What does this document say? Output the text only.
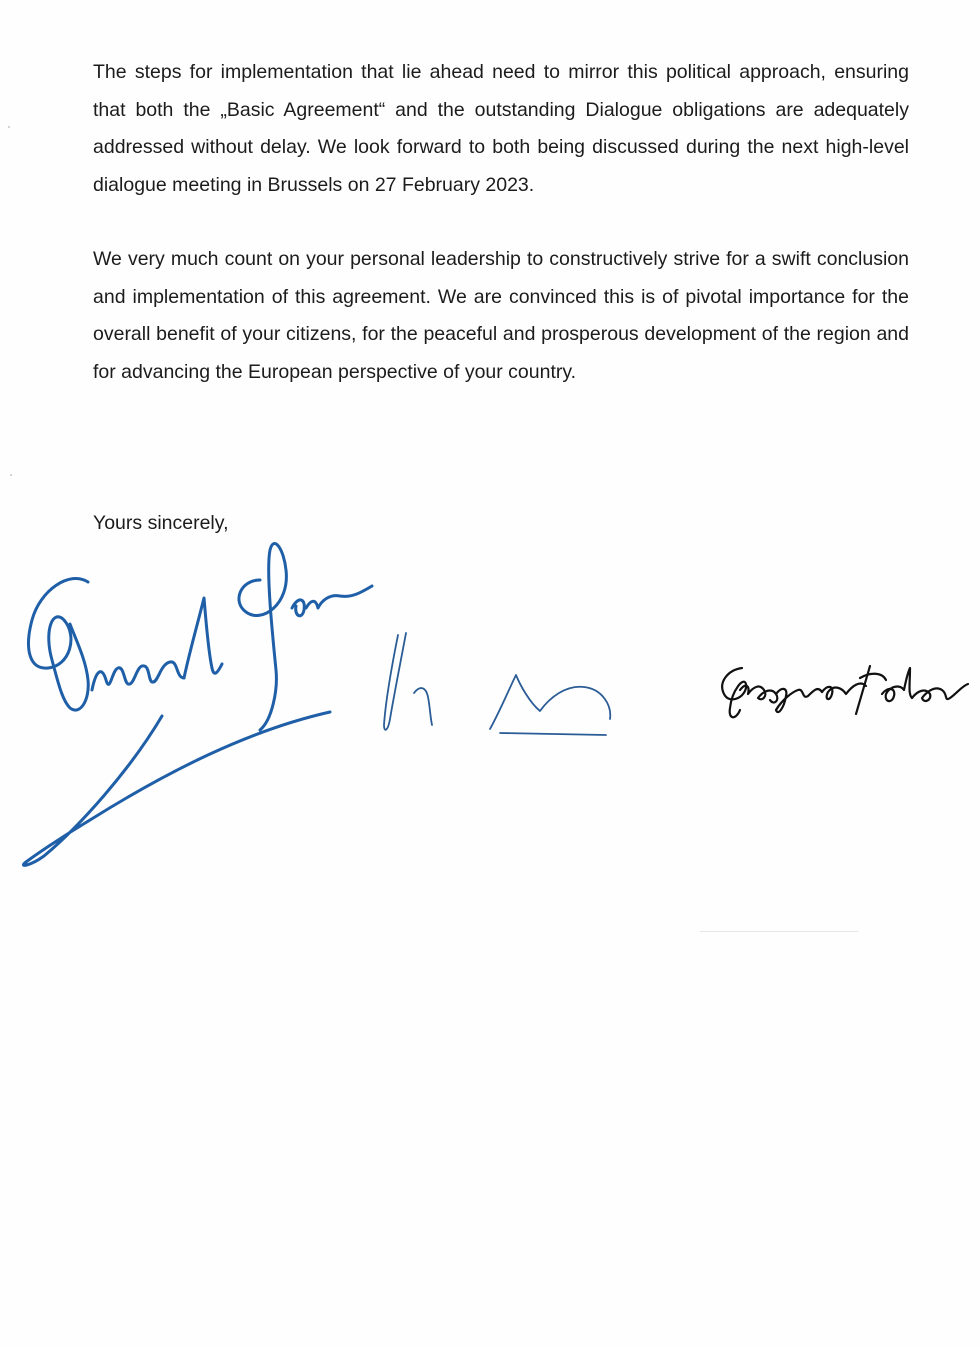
The steps for implementation that lie ahead need to mirror this political approach, ensuring that both the „Basic Agreement“ and the outstanding Dialogue obligations are adequately addressed without delay. We look forward to both being discussed during the next high-level dialogue meeting in Brussels on 27 February 2023.

We very much count on your personal leadership to constructively strive for a swift conclusion and implementation of this agreement. We are convinced this is of pivotal importance for the overall benefit of your citizens, for the peaceful and prosperous development of the region and for advancing the European perspective of your country.

Yours sincerely,
